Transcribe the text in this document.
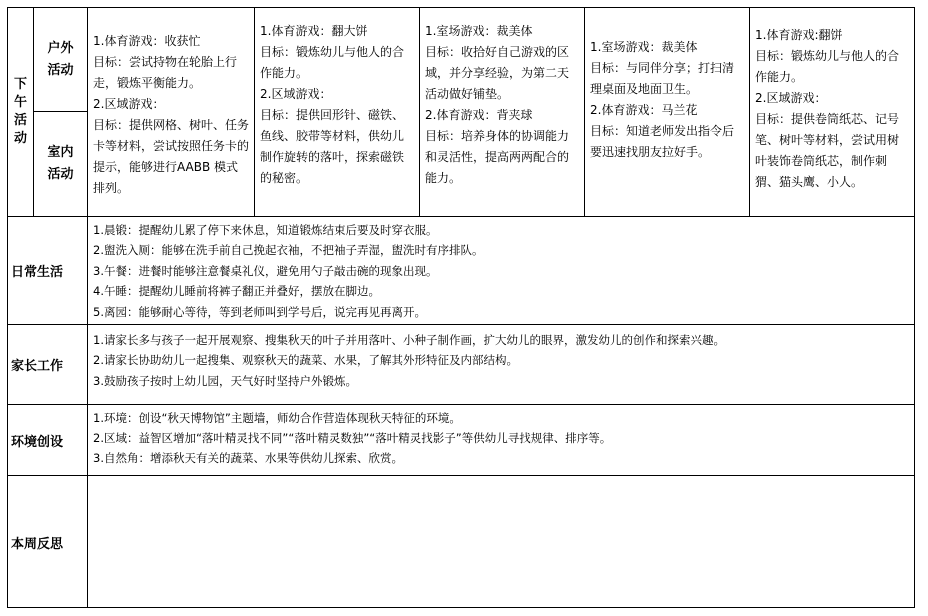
下
午
活
动
户外
活动
室内
活动

1.体育游戏：收获忙

目标：尝试持物在轮胎上行走，锻炼平衡能力。

2.区域游戏：

目标：提供网格、树叶、任务卡等材料，尝试按照任务卡的提示，能够进行AABB 模式排列。

1.体育游戏：翻大饼

目标：锻炼幼儿与他人的合作能力。

2.区域游戏：

目标：提供回形针、磁铁、鱼线、胶带等材料，供幼儿制作旋转的落叶，探索磁铁的秘密。

1.室场游戏：裁美体

目标：收拾好自己游戏的区域，并分享经验，为第二天活动做好铺垫。

2.体育游戏：背夹球

目标：培养身体的协调能力和灵活性，提高两两配合的能力。

1.室场游戏：裁美体

目标：与同伴分享；打扫清理桌面及地面卫生。

2.体育游戏：马兰花

目标：知道老师发出指令后要迅速找朋友拉好手。

1.体育游戏:翻饼

目标：锻炼幼儿与他人的合作能力。

2.区域游戏：

目标：提供卷筒纸芯、记号笔、树叶等材料，尝试用树叶装饰卷筒纸芯，制作刺猬、猫头鹰、小人。

日常生活

1.晨锻：提醒幼儿累了停下来休息，知道锻炼结束后要及时穿衣服。

2.盥洗入厕：能够在洗手前自己挽起衣袖，不把袖子弄湿，盥洗时有序排队。

3.午餐：进餐时能够注意餐桌礼仪，避免用勺子敲击碗的现象出现。

4.午睡：提醒幼儿睡前将裤子翻正并叠好，摆放在脚边。

5.离园：能够耐心等待，等到老师叫到学号后，说完再见再离开。

家长工作

1.请家长多与孩子一起开展观察、搜集秋天的叶子并用落叶、小种子制作画，扩大幼儿的眼界，激发幼儿的创作和探索兴趣。

2.请家长协助幼儿一起搜集、观察秋天的蔬菜、水果，了解其外形特征及内部结构。

3.鼓励孩子按时上幼儿园，天气好时坚持户外锻炼。

环境创设

1.环境：创设“秋天博物馆”主题墙，师幼合作营造体现秋天特征的环境。

2.区域：益智区增加“落叶精灵找不同”“落叶精灵数独”“落叶精灵找影子”等供幼儿寻找规律、排序等。

3.自然角：增添秋天有关的蔬菜、水果等供幼儿探索、欣赏。

本周反思
